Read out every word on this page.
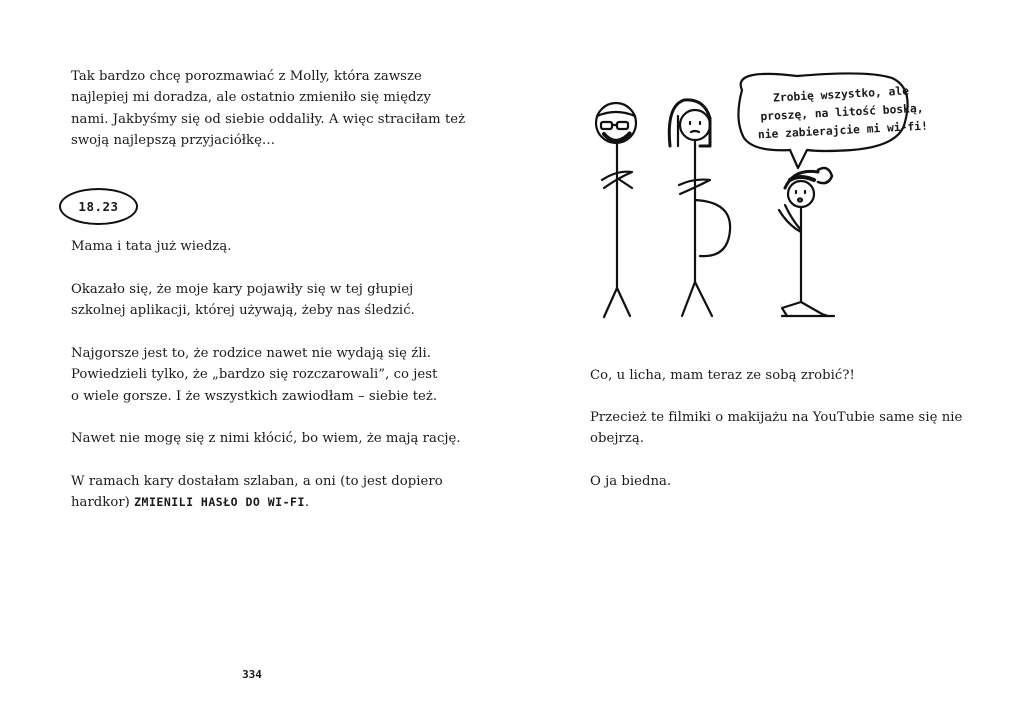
Tak bardzo chcę porozmawiać z Molly, która zawsze
najlepiej mi doradza, ale ostatnio zmieniło się między
nami. Jakbyśmy się od siebie oddaliły. A więc straciłam też
swoją najlepszą przyjaciółkę…

18.23

Mama i tata już wiedzą.

Okazało się, że moje kary pojawiły się w tej głupiej
szkolnej aplikacji, której używają, żeby nas śledzić.

Najgorsze jest to, że rodzice nawet nie wydają się źli.
Powiedzieli tylko, że „bardzo się rozczarowali”, co jest
o wiele gorsze. I że wszystkich zawiodłam – siebie też.

Nawet nie mogę się z nimi kłócić, bo wiem, że mają rację.

W ramach kary dostałam szlaban, a oni (to jest dopiero
hardkor) ZMIENILI HASŁO DO WI-FI.

334
Zrobię wszystko, ale
proszę, na litość boską,
nie zabierajcie mi wi-fi!

Co, u licha, mam teraz ze sobą zrobić?!

Przecież te filmiki o makijażu na YouTubie same się nie
obejrzą.

O ja biedna.
